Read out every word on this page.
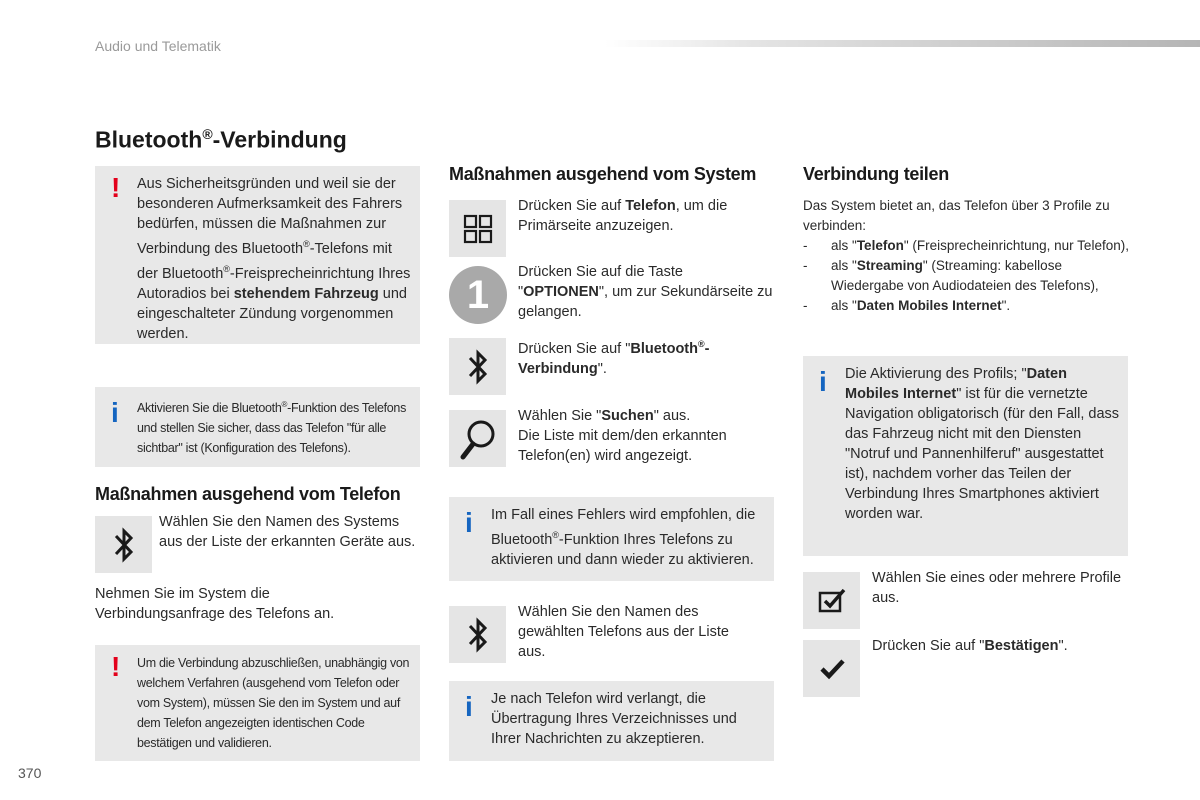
Audio und Telematik
Bluetooth®-Verbindung
! Aus Sicherheitsgründen und weil sie der besonderen Aufmerksamkeit des Fahrers bedürfen, müssen die Maßnahmen zur Verbindung des Bluetooth®-Telefons mit der Bluetooth®-Freisprecheinrichtung Ihres Autoradios bei stehendem Fahrzeug und eingeschalteter Zündung vorgenommen werden.
i Aktivieren Sie die Bluetooth®-Funktion des Telefons und stellen Sie sicher, dass das Telefon "für alle sichtbar" ist (Konfiguration des Telefons).
Maßnahmen ausgehend vom Telefon
Wählen Sie den Namen des Systems aus der Liste der erkannten Geräte aus.
Nehmen Sie im System die Verbindungsanfrage des Telefons an.
! Um die Verbindung abzuschließen, unabhängig von welchem Verfahren (ausgehend vom Telefon oder vom System), müssen Sie den im System und auf dem Telefon angezeigten identischen Code bestätigen und validieren.
Maßnahmen ausgehend vom System
Drücken Sie auf Telefon, um die Primärseite anzuzeigen.
1
Drücken Sie auf die Taste "OPTIONEN", um zur Sekundärseite zu gelangen.
Drücken Sie auf "Bluetooth®-Verbindung".
Wählen Sie "Suchen" aus.
Die Liste mit dem/den erkannten Telefon(en) wird angezeigt.
i Im Fall eines Fehlers wird empfohlen, die Bluetooth®-Funktion Ihres Telefons zu aktivieren und dann wieder zu aktivieren.
Wählen Sie den Namen des gewählten Telefons aus der Liste aus.
i Je nach Telefon wird verlangt, die Übertragung Ihres Verzeichnisses und Ihrer Nachrichten zu akzeptieren.
Verbindung teilen
Das System bietet an, das Telefon über 3 Profile zu verbinden:
- als "Telefon" (Freisprecheinrichtung, nur Telefon),
- als "Streaming" (Streaming: kabellose Wiedergabe von Audiodateien des Telefons),
- als "Daten Mobiles Internet".
i Die Aktivierung des Profils; "Daten Mobiles Internet" ist für die vernetzte Navigation obligatorisch (für den Fall, dass das Fahrzeug nicht mit den Diensten "Notruf und Pannenhilferuf" ausgestattet ist), nachdem vorher das Teilen der Verbindung Ihres Smartphones aktiviert worden war.
Wählen Sie eines oder mehrere Profile aus.
Drücken Sie auf "Bestätigen".
370
